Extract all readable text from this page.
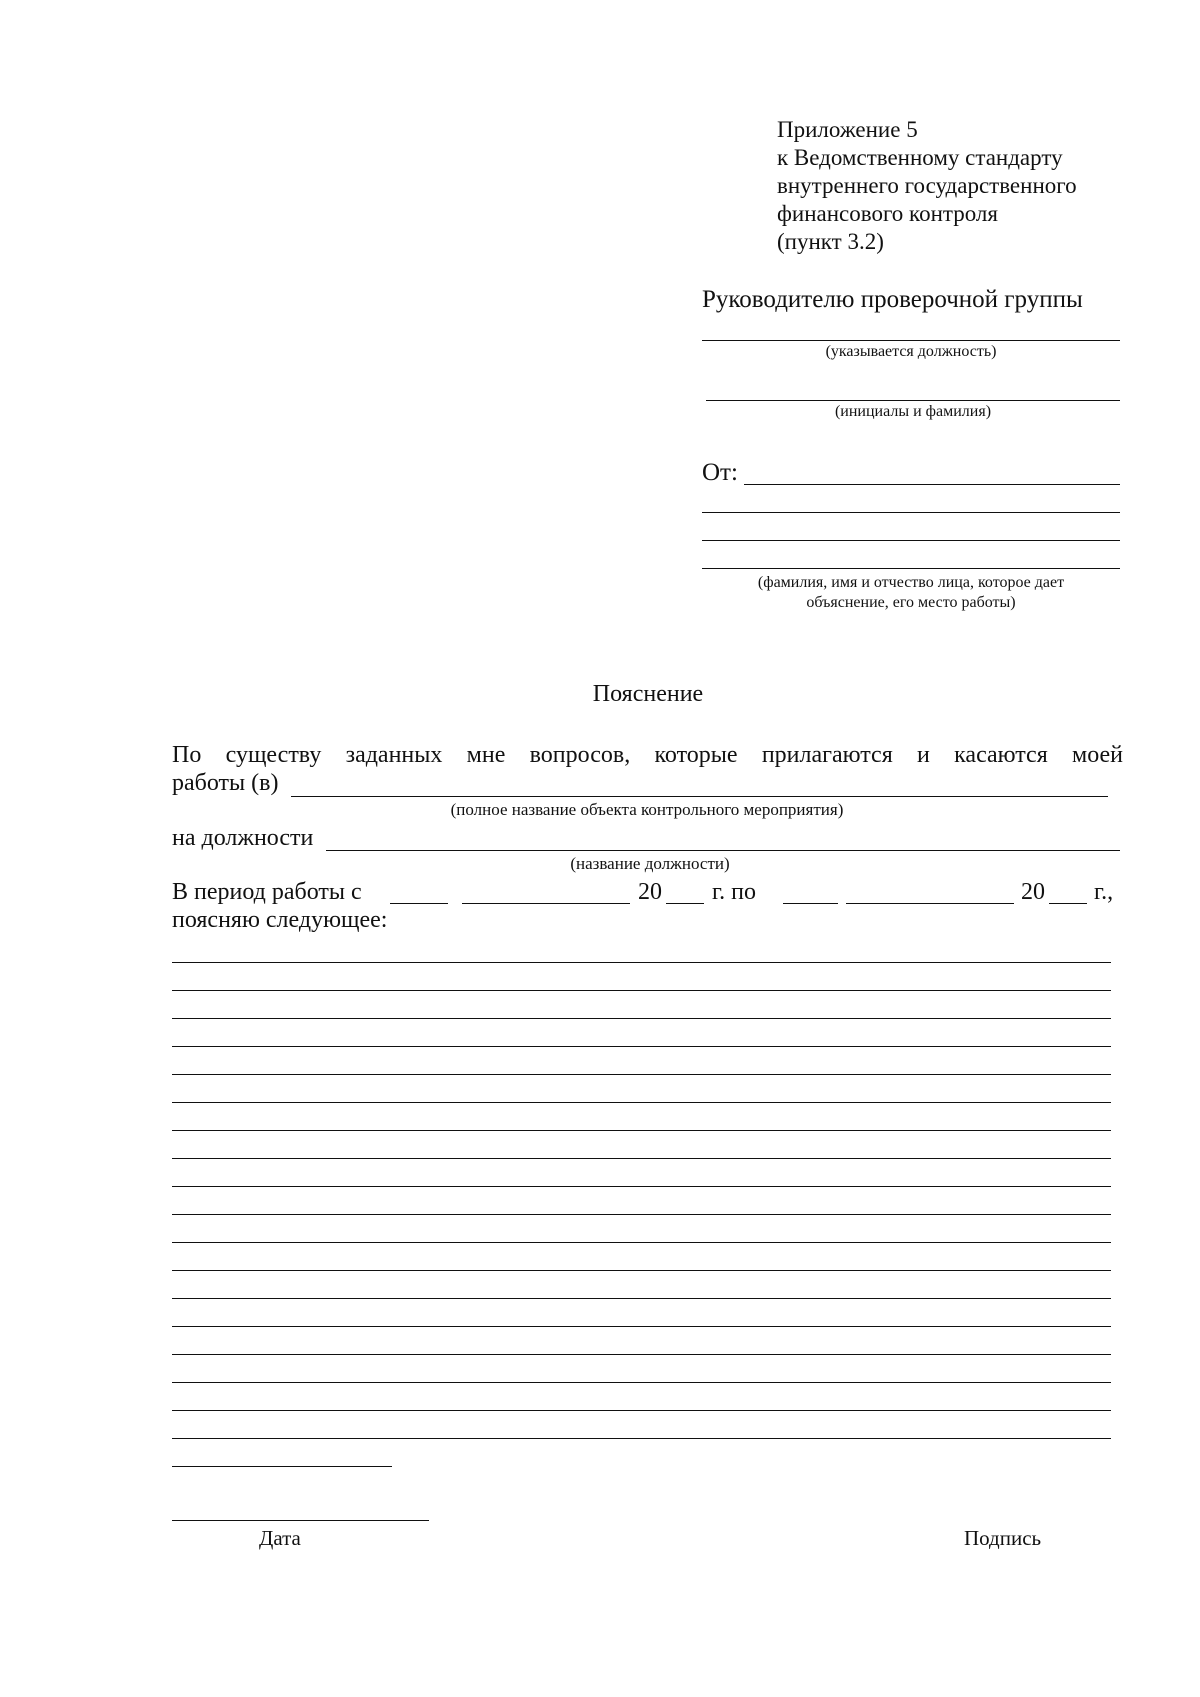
Приложение 5
к Ведомственному стандарту
внутреннего государственного
финансового контроля
(пункт 3.2)
Руководителю проверочной группы
(указывается должность)
(инициалы и фамилия)
От:
(фамилия, имя и отчество лица, которое дает
объяснение, его место работы)
Пояснение
По существу заданных мне вопросов, которые прилагаются и касаются моей
работы (в)
(полное название объекта контрольного мероприятия)
на должности
(название должности)
В период работы с	20 г. по	20 г.,
поясняю следующее:
Дата	Подпись
